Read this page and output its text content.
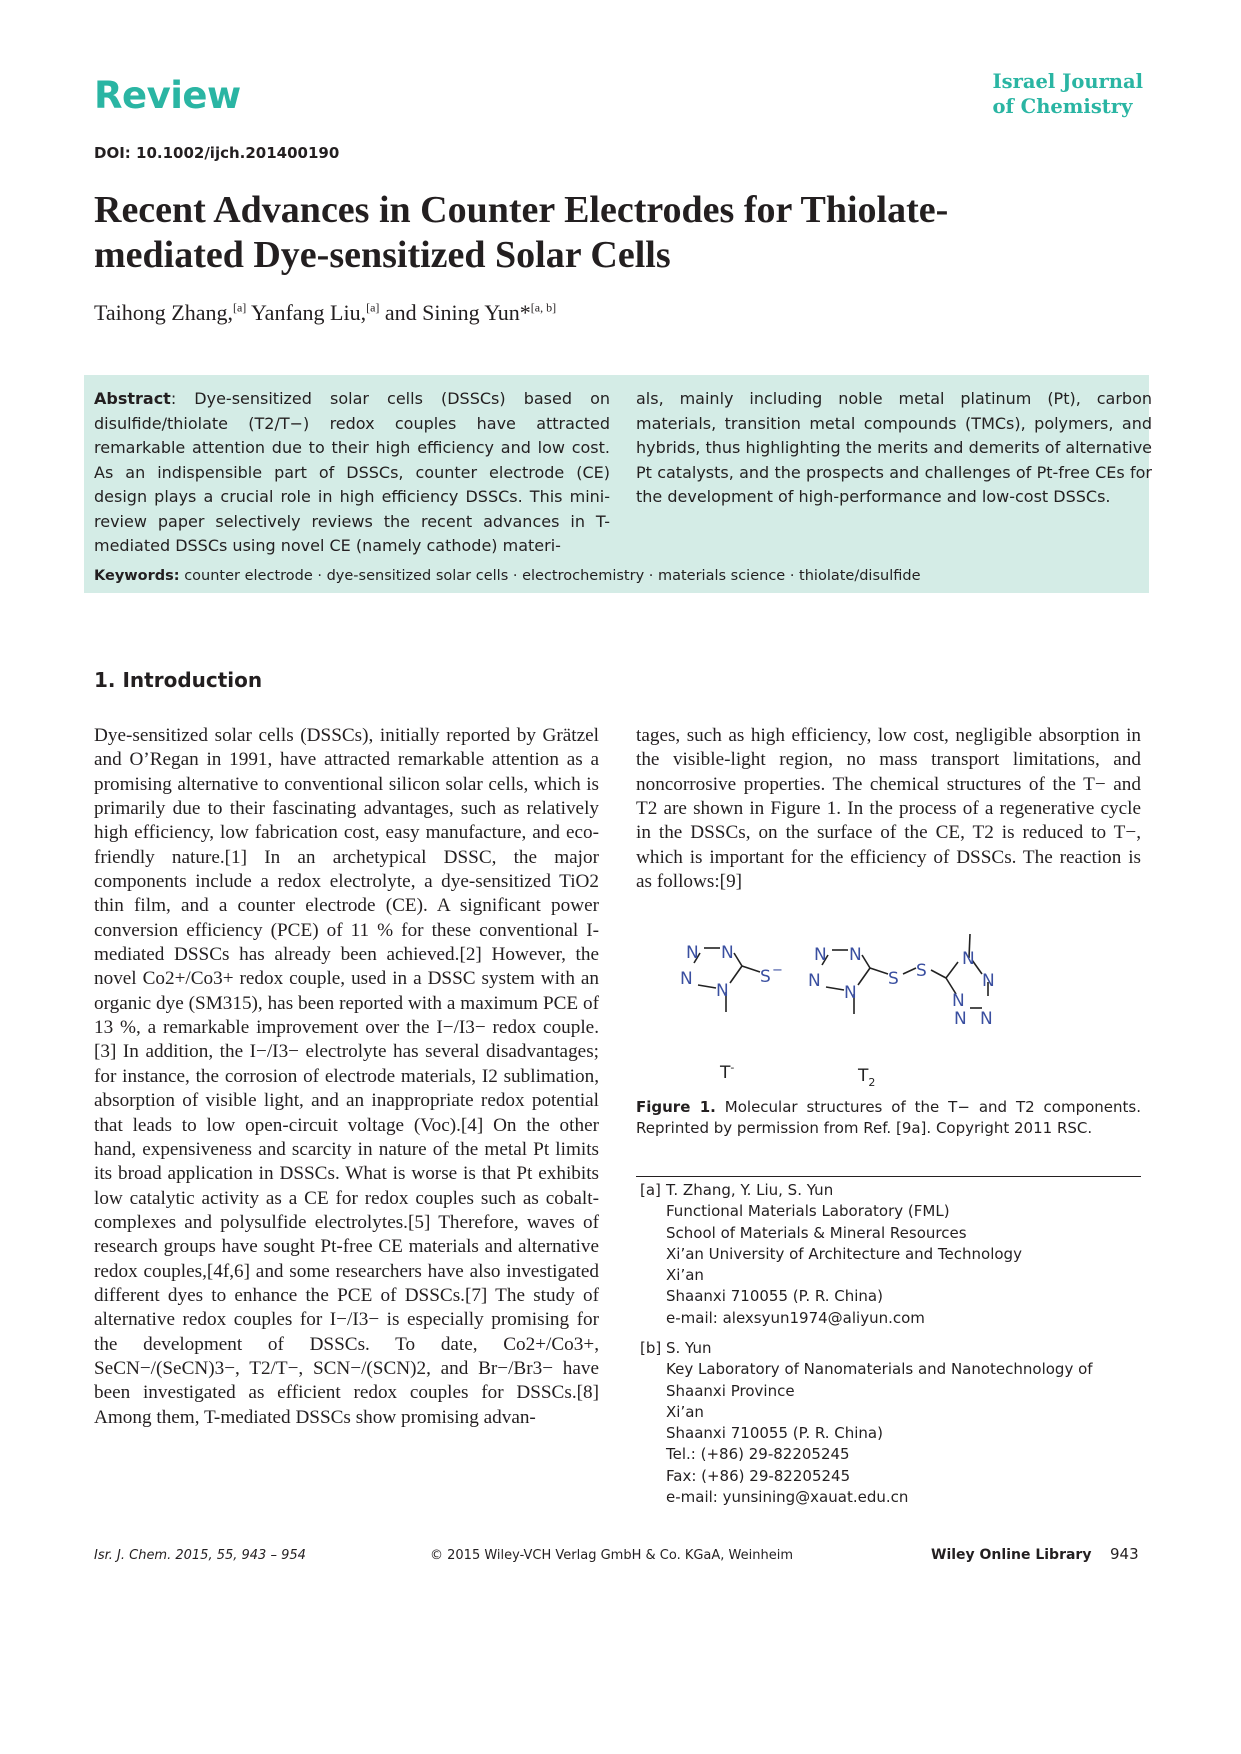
Review	Israel Journal
of Chemistry
DOI: 10.1002/ijch.201400190
Recent Advances in Counter Electrodes for Thiolate-mediated Dye-sensitized Solar Cells
Taihong Zhang,[a] Yanfang Liu,[a] and Sining Yun*[a, b]
Abstract: Dye-sensitized solar cells (DSSCs) based on disulfide/thiolate (T2/T−) redox couples have attracted remarkable attention due to their high efficiency and low cost. As an indispensible part of DSSCs, counter electrode (CE) design plays a crucial role in high efficiency DSSCs. This mini-review paper selectively reviews the recent advances in T-mediated DSSCs using novel CE (namely cathode) materi-
als, mainly including noble metal platinum (Pt), carbon materials, transition metal compounds (TMCs), polymers, and hybrids, thus highlighting the merits and demerits of alternative Pt catalysts, and the prospects and challenges of Pt-free CEs for the development of high-performance and low-cost DSSCs.
Keywords: counter electrode · dye-sensitized solar cells · electrochemistry · materials science · thiolate/disulfide
1. Introduction
Dye-sensitized solar cells (DSSCs), initially reported by Grätzel and O’Regan in 1991, have attracted remarkable attention as a promising alternative to conventional silicon solar cells, which is primarily due to their fascinating advantages, such as relatively high efficiency, low fabrication cost, easy manufacture, and eco-friendly nature.[1] In an archetypical DSSC, the major components include a redox electrolyte, a dye-sensitized TiO2 thin film, and a counter electrode (CE). A significant power conversion efficiency (PCE) of 11 % for these conventional I-mediated DSSCs has already been achieved.[2] However, the novel Co2+/Co3+ redox couple, used in a DSSC system with an organic dye (SM315), has been reported with a maximum PCE of 13 %, a remarkable improvement over the I−/I3− redox couple.[3] In addition, the I−/I3− electrolyte has several disadvantages; for instance, the corrosion of electrode materials, I2 sublimation, absorption of visible light, and an inappropriate redox potential that leads to low open-circuit voltage (Voc).[4] On the other hand, expensiveness and scarcity in nature of the metal Pt limits its broad application in DSSCs. What is worse is that Pt exhibits low catalytic activity as a CE for redox couples such as cobalt-complexes and polysulfide electrolytes.[5] Therefore, waves of research groups have sought Pt-free CE materials and alternative redox couples,[4f,6] and some researchers have also investigated different dyes to enhance the PCE of DSSCs.[7] The study of alternative redox couples for I−/I3− is especially promising for the development of DSSCs. To date, Co2+/Co3+, SeCN−/(SeCN)3−, T2/T−, SCN−/(SCN)2, and Br−/Br3− have been investigated as efficient redox couples for DSSCs.[8] Among them, T-mediated DSSCs show promising advan-
tages, such as high efficiency, low cost, negligible absorption in the visible-light region, no mass transport limitations, and noncorrosive properties. The chemical structures of the T− and T2 are shown in Figure 1. In the process of a regenerative cycle in the DSSCs, on the surface of the CE, T2 is reduced to T−, which is important for the efficiency of DSSCs. The reaction is as follows:[9]
N N
N
N
S −
T-
N N
N
N
S S
N
N
N
N N
$T_2$
Figure 1. Molecular structures of the T− and T2 components. Reprinted by permission from Ref. [9a]. Copyright 2011 RSC.
[a] T. Zhang, Y. Liu, S. Yun
Functional Materials Laboratory (FML)
School of Materials & Mineral Resources
Xi’an University of Architecture and Technology
Xi’an
Shaanxi 710055 (P. R. China)
e-mail: alexsyun1974@aliyun.com
[b] S. Yun
Key Laboratory of Nanomaterials and Nanotechnology of
Shaanxi Province
Xi’an
Shaanxi 710055 (P. R. China)
Tel.: (+86) 29-82205245
Fax: (+86) 29-82205245
e-mail: yunsining@xauat.edu.cn
Isr. J. Chem. 2015, 55, 943 – 954	© 2015 Wiley-VCH Verlag GmbH & Co. KGaA, Weinheim	Wiley Online Library 943
